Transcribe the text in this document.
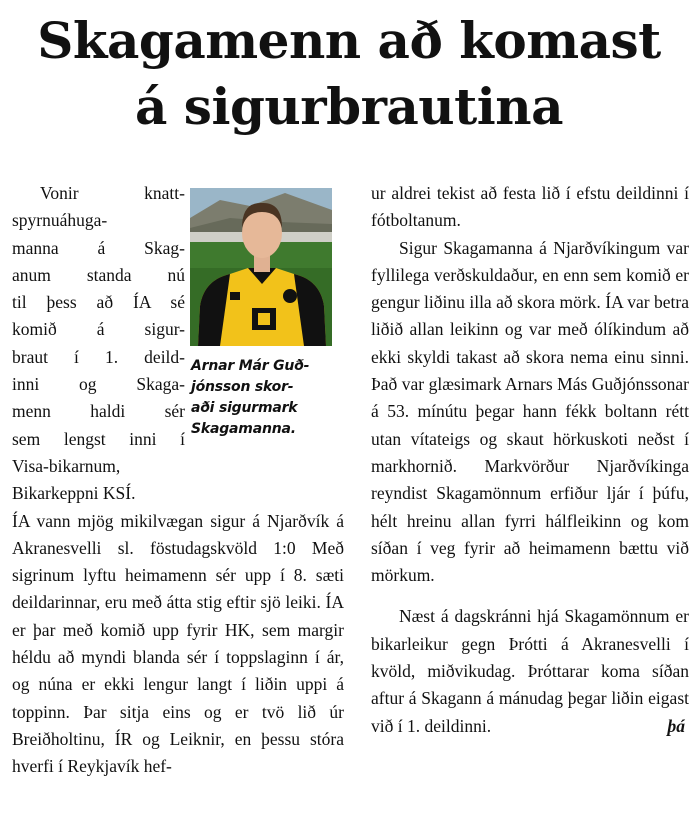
Skagamenn að komast
á sigurbrautina
Arnar Már Guð-
jónsson skor-
aði sigurmark
Skagamanna.

Vonir knatt-

spyrnuáhuga-

manna á Skag-

anum standa nú

til þess að ÍA sé

komið á sigur-

braut í 1. deild-

inni og Skaga-

menn haldi sér

sem lengst inni í

Visa-bikarnum,

Bikarkeppni KSÍ.

ÍA vann mjög mikilvægan sigur á Njarðvík á Akranesvelli sl. föstudagskvöld 1:0 Með sigrinum lyftu heimamenn sér upp í 8. sæti deildarinnar, eru með átta stig eftir sjö leiki. ÍA er þar með komið upp fyrir HK, sem margir héldu að myndi blanda sér í toppslaginn í ár, og núna er ekki lengur langt í liðin uppi á toppinn. Þar sitja eins og er tvö lið úr Breiðholtinu, ÍR og Leiknir, en þessu stóra hverfi í Reykjavík hef-

ur aldrei tekist að festa lið í efstu deildinni í fótboltanum.

Sigur Skagamanna á Njarðvíkingum var fyllilega verðskuldaður, en enn sem komið er gengur liðinu illa að skora mörk. ÍA var betra liðið allan leikinn og var með ólíkindum að ekki skyldi takast að skora nema einu sinni. Það var glæsimark Arnars Más Guðjónssonar á 53. mínútu þegar hann fékk boltann rétt utan vítateigs og skaut hörkuskoti neðst í markhornið. Markvörður Njarðvíkinga reyndist Skagamönnum erfiður ljár í þúfu, hélt hreinu allan fyrri hálfleikinn og kom síðan í veg fyrir að heimamenn bættu við mörkum.

Næst á dagskránni hjá Skagamönnum er bikarleikur gegn Þrótti á Akranesvelli í kvöld, miðvikudag. Þróttarar koma síðan aftur á Skagann á mánudag þegar liðin eigast við í 1. deildinni.	þá
